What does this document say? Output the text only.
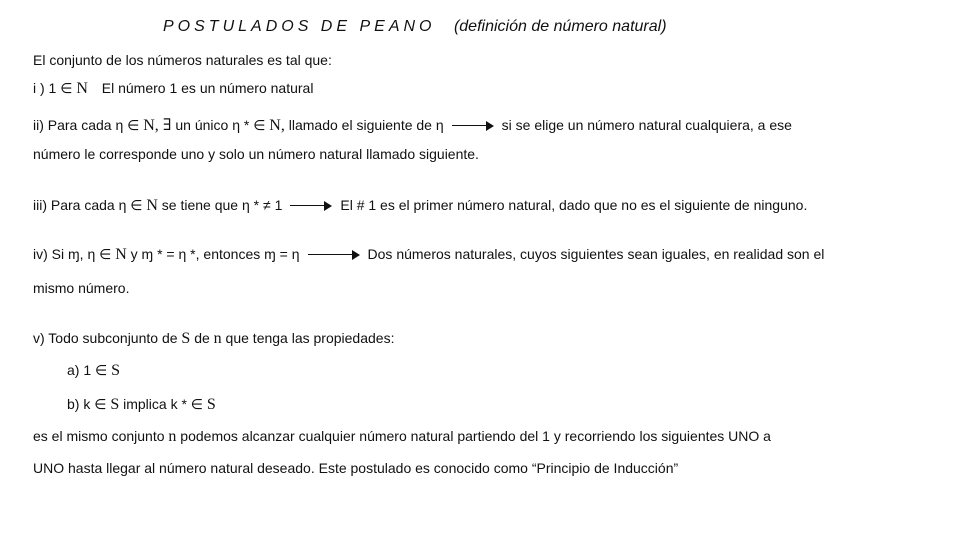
POSTULADOS DE PEANO (definición de número natural)
El conjunto de los números naturales es tal que:
i ) 1 ∈ N El número 1 es un número natural
ii) Para cada η ∈ N, ∃ un único η * ∈ N, llamado el siguiente de η	si se elige un número natural cualquiera, a ese
número le corresponde uno y solo un número natural llamado siguiente.
iii) Para cada η ∈ N se tiene que η * ≠ 1	El # 1 es el primer número natural, dado que no es el siguiente de ninguno.
iv) Si ɱ, η ∈ N y ɱ * = η *, entonces ɱ = η	Dos números naturales, cuyos siguientes sean iguales, en realidad son el
mismo número.
v) Todo subconjunto de S de n que tenga las propiedades:
a) 1 ∈ S
b) k ∈ S implica k * ∈ S
es el mismo conjunto n podemos alcanzar cualquier número natural partiendo del 1 y recorriendo los siguientes UNO a
UNO hasta llegar al número natural deseado. Este postulado es conocido como “Principio de Inducción”
